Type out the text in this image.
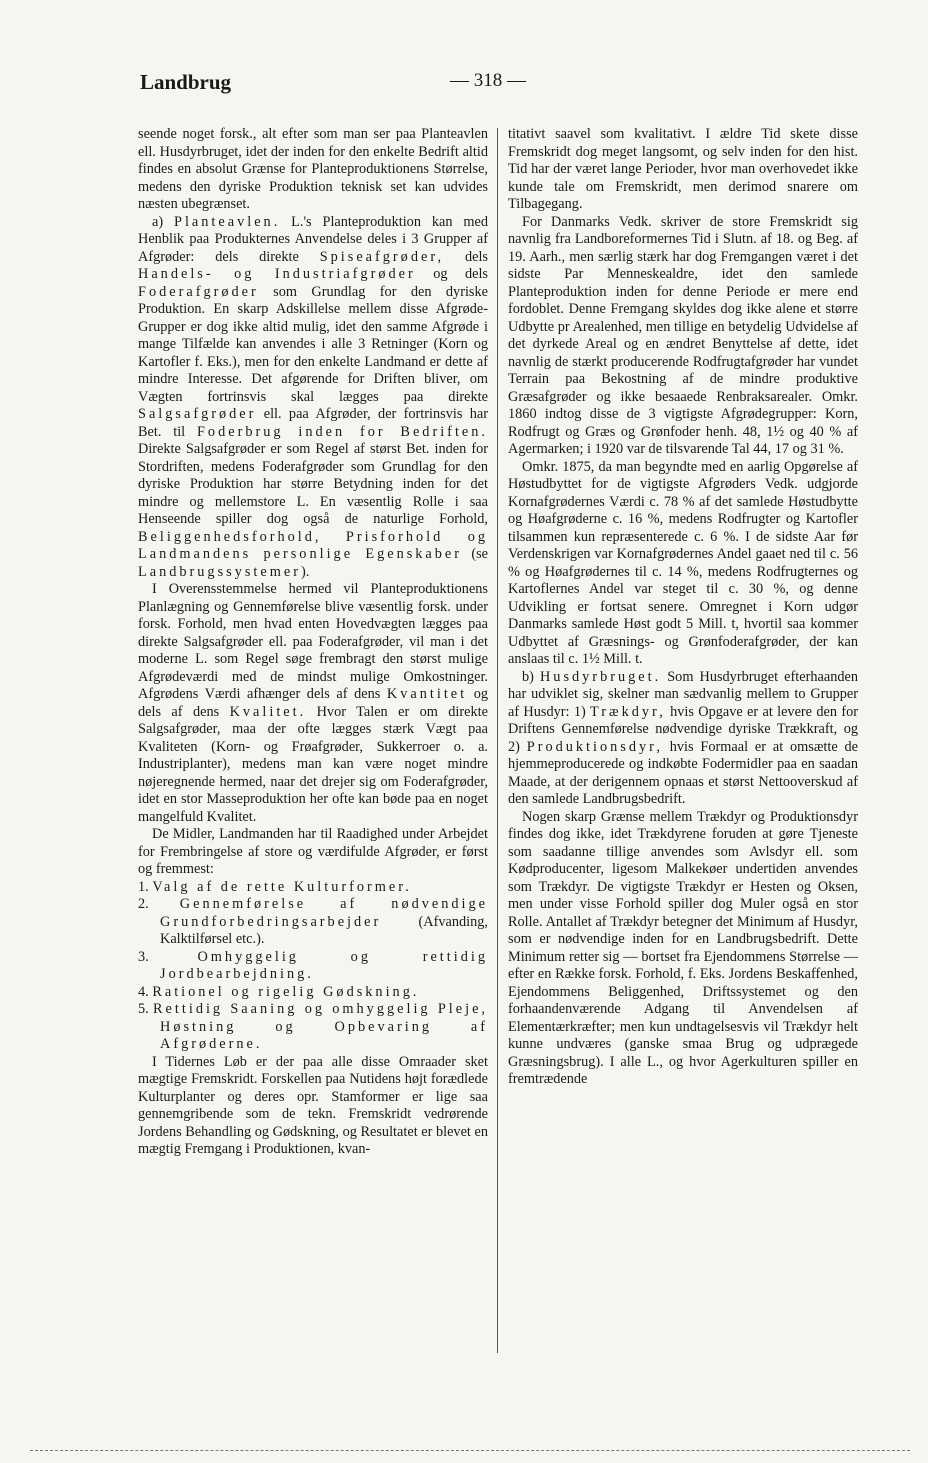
Landbrug	— 318 —

seende noget forsk., alt efter som man ser paa Planteavlen ell. Husdyrbruget, idet der inden for den enkelte Bedrift altid findes en absolut Grænse for Planteproduktionens Størrelse, medens den dyriske Produktion teknisk set kan udvides næsten ubegrænset.

a) Planteavlen. L.'s Planteproduktion kan med Henblik paa Produkternes Anvendelse deles i 3 Grupper af Afgrøder: dels direkte Spiseafgrøder, dels Handels- og Industriafgrøder og dels Foderafgrøder som Grundlag for den dyriske Produktion. En skarp Adskillelse mellem disse Afgrøde-Grupper er dog ikke altid mulig, idet den samme Afgrøde i mange Tilfælde kan anvendes i alle 3 Retninger (Korn og Kartofler f. Eks.), men for den enkelte Landmand er dette af mindre Interesse. Det afgørende for Driften bliver, om Vægten fortrinsvis skal lægges paa direkte Salgsafgrøder ell. paa Afgrøder, der fortrinsvis har Bet. til Foderbrug inden for Bedriften. Direkte Salgsafgrøder er som Regel af størst Bet. inden for Stordriften, medens Foderafgrøder som Grundlag for den dyriske Produktion har større Betydning inden for det mindre og mellemstore L. En væsentlig Rolle i saa Henseende spiller dog også de naturlige Forhold, Beliggenhedsforhold, Prisforhold og Landmandens personlige Egenskaber (se Landbrugssystemer).

I Overensstemmelse hermed vil Planteproduktionens Planlægning og Gennemførelse blive væsentlig forsk. under forsk. Forhold, men hvad enten Hovedvægten lægges paa direkte Salgsafgrøder ell. paa Foderafgrøder, vil man i det moderne L. som Regel søge frembragt den størst mulige Afgrødeværdi med de mindst mulige Omkostninger. Afgrødens Værdi afhænger dels af dens Kvantitet og dels af dens Kvalitet. Hvor Talen er om direkte Salgsafgrøder, maa der ofte lægges stærk Vægt paa Kvaliteten (Korn- og Frøafgrøder, Sukkerroer o. a. Industriplanter), medens man kan være noget mindre nøjeregnende hermed, naar det drejer sig om Foderafgrøder, idet en stor Masseproduktion her ofte kan bøde paa en noget mangelfuld Kvalitet.

De Midler, Landmanden har til Raadighed under Arbejdet for Frembringelse af store og værdifulde Afgrøder, er først og fremmest:

1. Valg af de rette Kulturformer.
2. Gennemførelse af nødvendige Grundforbedringsarbejder (Afvanding, Kalktilførsel etc.).
3.	Omhyggelig og rettidig Jordbearbejdning.
4. Rationel og rigelig Gødskning.
5. Rettidig Saaning og omhyggelig Pleje, Høstning og Opbevaring af Afgrøderne.

I Tidernes Løb er der paa alle disse Omraader sket mægtige Fremskridt. Forskellen paa Nutidens højt forædlede Kulturplanter og deres opr. Stamformer er lige saa gennemgribende som de tekn. Fremskridt vedrørende Jordens Behandling og Gødskning, og Resultatet er blevet en mægtig Fremgang i Produktionen, kvan-

titativt saavel som kvalitativt. I ældre Tid skete disse Fremskridt dog meget langsomt, og selv inden for den hist. Tid har der været lange Perioder, hvor man overhovedet ikke kunde tale om Fremskridt, men derimod snarere om Tilbagegang.

For Danmarks Vedk. skriver de store Fremskridt sig navnlig fra Landboreformernes Tid i Slutn. af 18. og Beg. af 19. Aarh., men særlig stærk har dog Fremgangen været i det sidste Par Menneskealdre, idet den samlede Planteproduktion inden for denne Periode er mere end fordoblet. Denne Fremgang skyldes dog ikke alene et større Udbytte pr Arealenhed, men tillige en betydelig Udvidelse af det dyrkede Areal og en ændret Benyttelse af dette, idet navnlig de stærkt producerende Rodfrugtafgrøder har vundet Terrain paa Bekostning af de mindre produktive Græsafgrøder og ikke besaaede Renbraksarealer. Omkr. 1860 indtog disse de 3 vigtigste Afgrødegrupper: Korn, Rodfrugt og Græs og Grønfoder henh. 48, 1½ og 40 % af Agermarken; i 1920 var de tilsvarende Tal 44, 17 og 31 %.

Omkr. 1875, da man begyndte med en aarlig Opgørelse af Høstudbyttet for de vigtigste Afgrøders Vedk. udgjorde Kornafgrødernes Værdi c. 78 % af det samlede Høstudbytte og Høafgrøderne c. 16 %, medens Rodfrugter og Kartofler tilsammen kun repræsenterede c. 6 %. I de sidste Aar før Verdenskrigen var Kornafgrødernes Andel gaaet ned til c. 56 % og Høafgrødernes til c. 14 %, medens Rodfrugternes og Kartoflernes Andel var steget til c. 30 %, og denne Udvikling er fortsat senere. Omregnet i Korn udgør Danmarks samlede Høst godt 5 Mill. t, hvortil saa kommer Udbyttet af Græsnings- og Grønfoderafgrøder, der kan anslaas til c. 1½ Mill. t.

b) Husdyrbruget. Som Husdyrbruget efterhaanden har udviklet sig, skelner man sædvanlig mellem to Grupper af Husdyr: 1) Trækdyr, hvis Opgave er at levere den for Driftens Gennemførelse nødvendige dyriske Trækkraft, og 2) Produktionsdyr, hvis Formaal er at omsætte de hjemmeproducerede og indkøbte Fodermidler paa en saadan Maade, at der derigennem opnaas et størst Nettooverskud af den samlede Landbrugsbedrift.

Nogen skarp Grænse mellem Trækdyr og Produktionsdyr findes dog ikke, idet Trækdyrene foruden at gøre Tjeneste som saadanne tillige anvendes som Avlsdyr ell. som Kødproducenter, ligesom Malkekøer undertiden anvendes som Trækdyr. De vigtigste Trækdyr er Hesten og Oksen, men under visse Forhold spiller dog Muler også en stor Rolle. Antallet af Trækdyr betegner det Minimum af Husdyr, som er nødvendige inden for en Landbrugsbedrift. Dette Minimum retter sig — bortset fra Ejendommens Størrelse — efter en Række forsk. Forhold, f. Eks. Jordens Beskaffenhed, Ejendommens Beliggenhed, Driftssystemet og den forhaandenværende Adgang til Anvendelsen af Elementærkræfter; men kun undtagelsesvis vil Trækdyr helt kunne undværes (ganske smaa Brug og udprægede Græsningsbrug). I alle L., og hvor Agerkulturen spiller en fremtrædende
